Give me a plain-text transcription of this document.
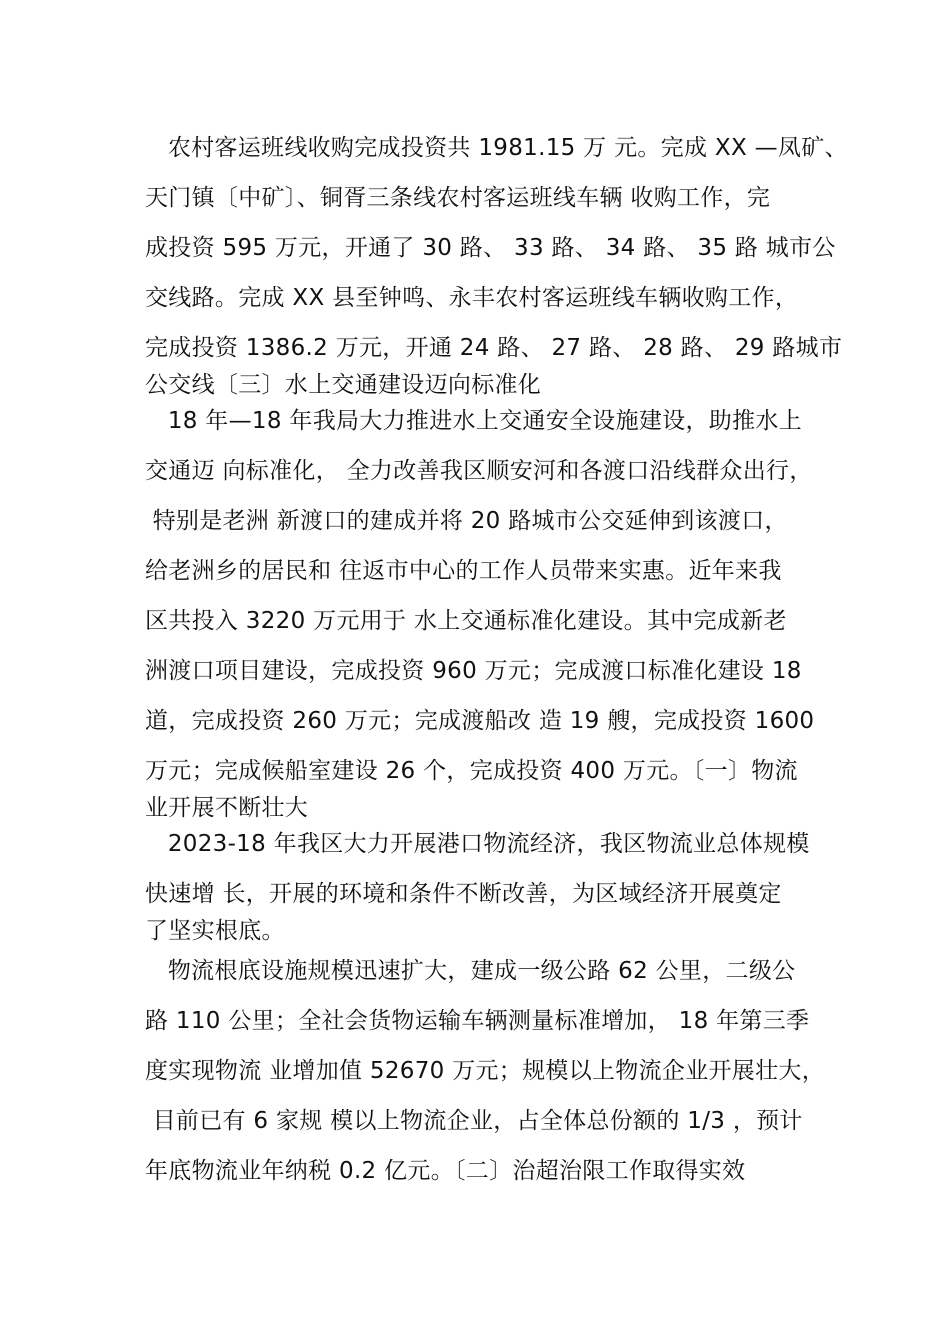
农村客运班线收购完成投资共 1981.15 万 元。完成 XX —凤矿、

天门镇〔中矿〕、铜胥三条线农村客运班线车辆 收购工作，完

成投资 595 万元，开通了 30 路、 33 路、 34 路、 35 路 城市公

交线路。完成 XX 县至钟鸣、永丰农村客运班线车辆收购工作，

完成投资 1386.2 万元，开通 24 路、 27 路、 28 路、 29 路城市

公交线〔三〕水上交通建设迈向标准化

18 年—18 年我局大力推进水上交通安全设施建设，助推水上

交通迈 向标准化， 全力改善我区顺安河和各渡口沿线群众出行，

特别是老洲 新渡口的建成并将 20 路城市公交延伸到该渡口，

给老洲乡的居民和 往返市中心的工作人员带来实惠。近年来我

区共投入 3220 万元用于 水上交通标准化建设。其中完成新老

洲渡口项目建设，完成投资 960 万元；完成渡口标准化建设 18

道，完成投资 260 万元；完成渡船改 造 19 艘，完成投资 1600

万元；完成候船室建设 26 个，完成投资 400 万元。〔一〕物流

业开展不断壮大

2023-18 年我区大力开展港口物流经济，我区物流业总体规模

快速增 长，开展的环境和条件不断改善，为区域经济开展奠定

了坚实根底。

物流根底设施规模迅速扩大，建成一级公路 62 公里，二级公

路 110 公里；全社会货物运输车辆测量标准增加， 18 年第三季

度实现物流 业增加值 52670 万元；规模以上物流企业开展壮大，

目前已有 6 家规 模以上物流企业，占全体总份额的 1/3 ，预计

年底物流业年纳税 0.2 亿元。〔二〕治超治限工作取得实效
